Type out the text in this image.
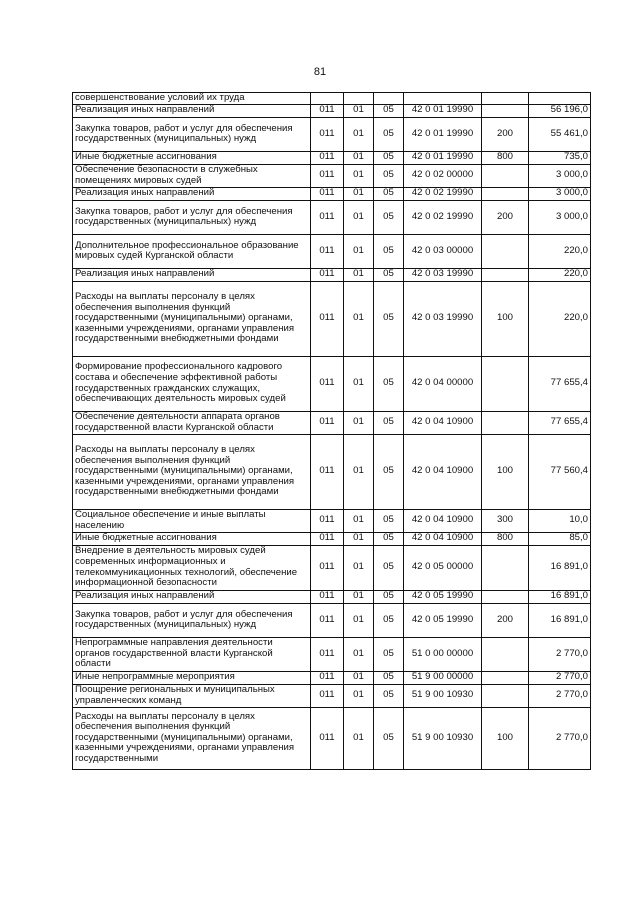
81
совершенствование условий их труда						
Реализация иных направлений	011	01	05	42 0 01 19990		56 196,0
Закупка товаров, работ и услуг для обеспечения государственных (муниципальных) нужд	011	01	05	42 0 01 19990	200	55 461,0
Иные бюджетные ассигнования	011	01	05	42 0 01 19990	800	735,0
Обеспечение безопасности в служебных помещениях мировых судей	011	01	05	42 0 02 00000		3 000,0
Реализация иных направлений	011	01	05	42 0 02 19990		3 000,0
Закупка товаров, работ и услуг для обеспечения государственных (муниципальных) нужд	011	01	05	42 0 02 19990	200	3 000,0
Дополнительное профессиональное образование мировых судей Курганской области	011	01	05	42 0 03 00000		220,0
Реализация иных направлений	011	01	05	42 0 03 19990		220,0
Расходы на выплаты персоналу в целях обеспечения выполнения функций государственными (муниципальными) органами, казенными учреждениями, органами управления государственными внебюджетными фондами	011	01	05	42 0 03 19990	100	220,0
Формирование профессионального кадрового состава и обеспечение эффективной работы государственных гражданских служащих, обеспечивающих деятельность мировых судей	011	01	05	42 0 04 00000		77 655,4
Обеспечение деятельности аппарата органов государственной власти Курганской области	011	01	05	42 0 04 10900		77 655,4
Расходы на выплаты персоналу в целях обеспечения выполнения функций государственными (муниципальными) органами, казенными учреждениями, органами управления государственными внебюджетными фондами	011	01	05	42 0 04 10900	100	77 560,4
Социальное обеспечение и иные выплаты населению	011	01	05	42 0 04 10900	300	10,0
Иные бюджетные ассигнования	011	01	05	42 0 04 10900	800	85,0
Внедрение в деятельность мировых судей современных информационных и телекоммуникационных технологий, обеспечение информационной безопасности	011	01	05	42 0 05 00000		16 891,0
Реализация иных направлений	011	01	05	42 0 05 19990		16 891,0
Закупка товаров, работ и услуг для обеспечения государственных (муниципальных) нужд	011	01	05	42 0 05 19990	200	16 891,0
Непрограммные направления деятельности органов государственной власти Курганской области	011	01	05	51 0 00 00000		2 770,0
Иные непрограммные мероприятия	011	01	05	51 9 00 00000		2 770,0
Поощрение региональных и муниципальных управленческих команд	011	01	05	51 9 00 10930		2 770,0
Расходы на выплаты персоналу в целях обеспечения выполнения функций государственными (муниципальными) органами, казенными учреждениями, органами управления государственными	011	01	05	51 9 00 10930	100	2 770,0
